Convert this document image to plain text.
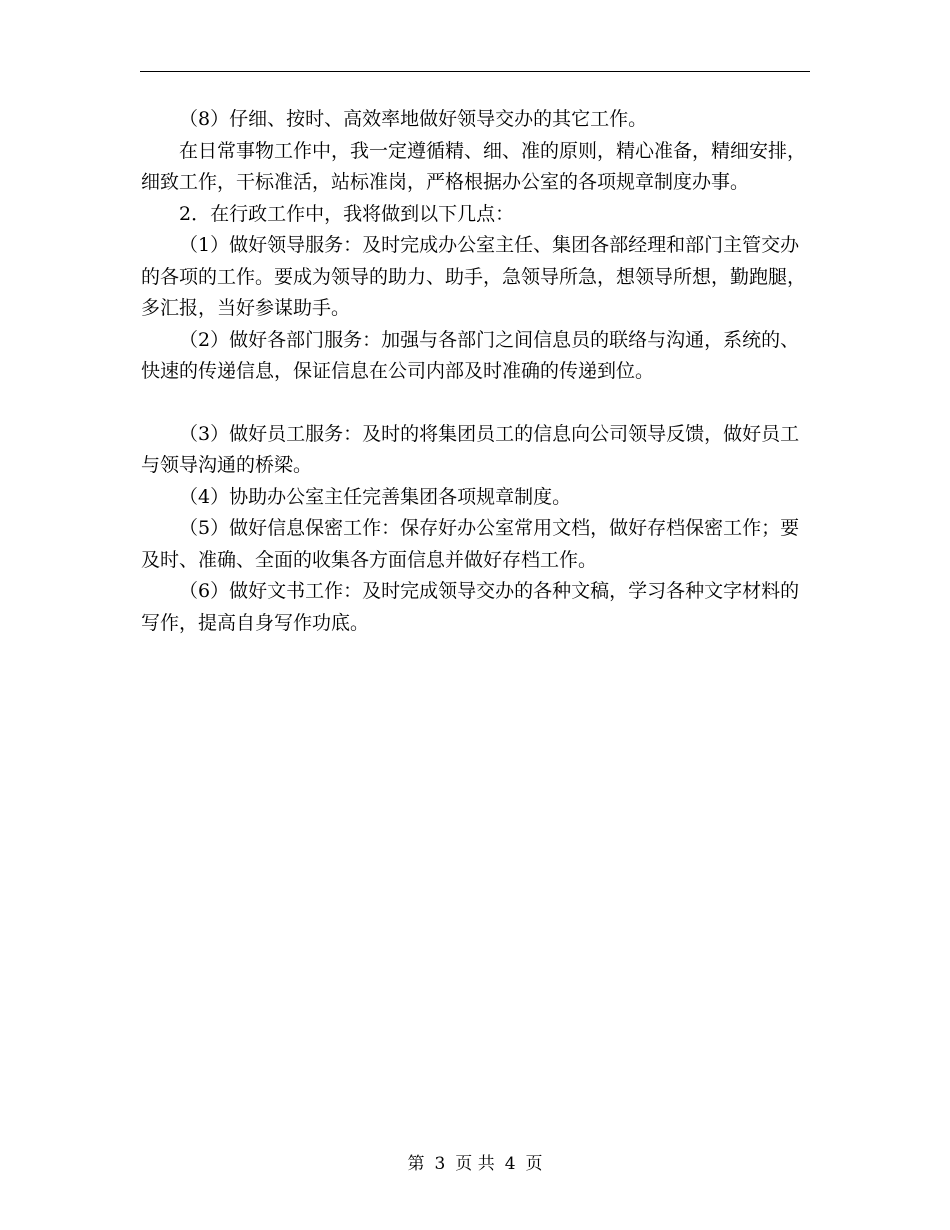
（8）仔细、按时、高效率地做好领导交办的其它工作。

在日常事物工作中，我一定遵循精、细、准的原则，精心准备，精细安排，细致工作，干标准活，站标准岗，严格根据办公室的各项规章制度办事。

2．在行政工作中，我将做到以下几点：

（1）做好领导服务：及时完成办公室主任、集团各部经理和部门主管交办的各项的工作。要成为领导的助力、助手，急领导所急，想领导所想，勤跑腿，多汇报，当好参谋助手。

（2）做好各部门服务：加强与各部门之间信息员的联络与沟通，系统的、快速的传递信息，保证信息在公司内部及时准确的传递到位。

（3）做好员工服务：及时的将集团员工的信息向公司领导反馈，做好员工与领导沟通的桥梁。

（4）协助办公室主任完善集团各项规章制度。

（5）做好信息保密工作：保存好办公室常用文档，做好存档保密工作；要及时、准确、全面的收集各方面信息并做好存档工作。

（6）做好文书工作：及时完成领导交办的各种文稿，学习各种文字材料的写作，提高自身写作功底。

第 3 页 共 4 页
